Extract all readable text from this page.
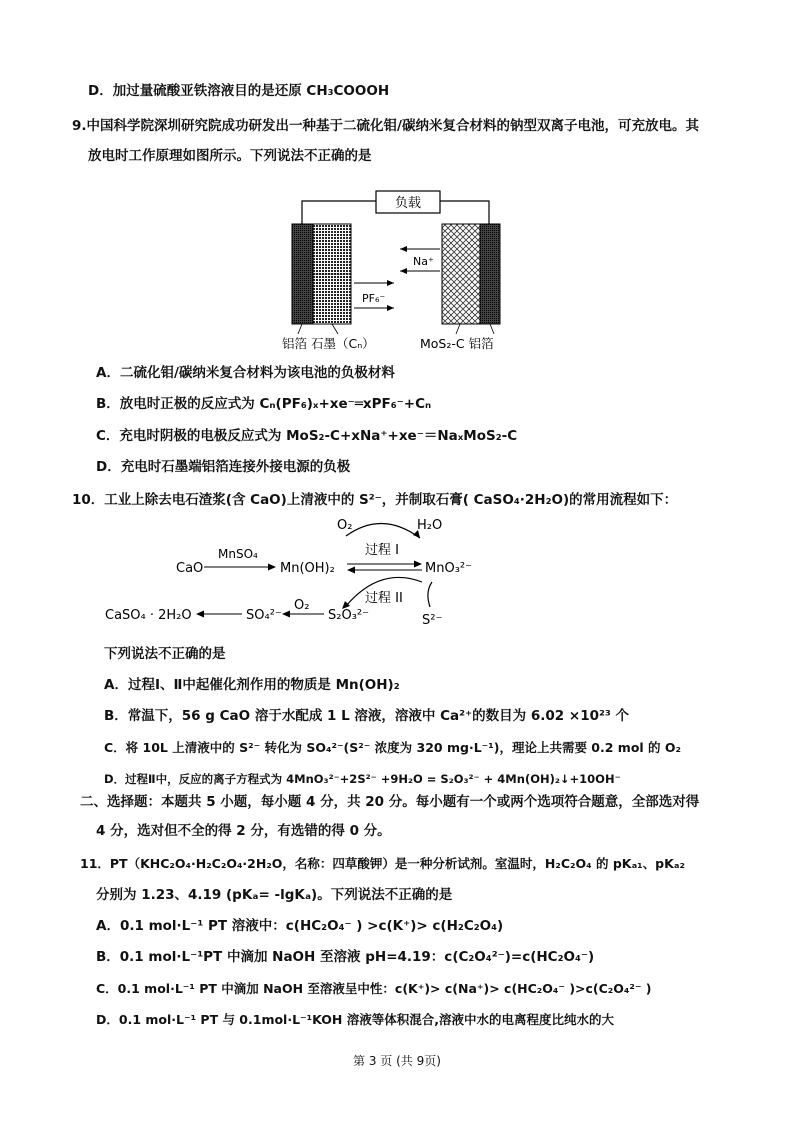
D．加过量硫酸亚铁溶液目的是还原 CH₃COOOH
9.中国科学院深圳研究院成功研发出一种基于二硫化钼/碳纳米复合材料的钠型双离子电池，可充放电。其
放电时工作原理如图所示。下列说法不正确的是
负载
Na⁺
PF₆⁻
铝箔 石墨（Cₙ）	MoS₂-C 铝箔
A．二硫化钼/碳纳米复合材料为该电池的负极材料
B．放电时正极的反应式为 Cₙ(PF₆)ₓ+xe⁻═xPF₆⁻+Cₙ
C．充电时阴极的电极反应式为 MoS₂-C+xNa⁺+xe⁻＝NaₓMoS₂-C
D．充电时石墨端铝箔连接外接电源的负极
10．工业上除去电石渣浆(含 CaO)上清液中的 S²⁻，并制取石膏( CaSO₄·2H₂O)的常用流程如下：
O₂	H₂O
过程 I
CaO
MnSO₄
Mn(OH)₂	MnO₃²⁻
过程 II
CaSO₄ · 2H₂O	SO₄²⁻
O₂
S₂O₃²⁻	S²⁻
下列说法不正确的是
A．过程Ⅰ、Ⅱ中起催化剂作用的物质是 Mn(OH)₂
B．常温下，56 g CaO 溶于水配成 1 L 溶液，溶液中 Ca²⁺的数目为 6.02 ×10²³ 个
C．将 10L 上清液中的 S²⁻ 转化为 SO₄²⁻(S²⁻ 浓度为 320 mg·L⁻¹)，理论上共需要 0.2 mol 的 O₂
D．过程Ⅱ中，反应的离子方程式为 4MnO₃²⁻+2S²⁻ +9H₂O = S₂O₃²⁻ + 4Mn(OH)₂↓+10OH⁻
二、选择题：本题共 5 小题，每小题 4 分，共 20 分。每小题有一个或两个选项符合题意，全部选对得
4 分，选对但不全的得 2 分，有选错的得 0 分。
11．PT（KHC₂O₄·H₂C₂O₄·2H₂O，名称：四草酸钾）是一种分析试剂。室温时，H₂C₂O₄ 的 pKₐ₁、pKₐ₂
分别为 1.23、4.19 (pKₐ= -lgKₐ)。下列说法不正确的是
A．0.1 mol·L⁻¹ PT 溶液中：c(HC₂O₄⁻ ) >c(K⁺)> c(H₂C₂O₄)
B．0.1 mol·L⁻¹PT 中滴加 NaOH 至溶液 pH=4.19：c(C₂O₄²⁻)=c(HC₂O₄⁻)
C．0.1 mol·L⁻¹ PT 中滴加 NaOH 至溶液呈中性：c(K⁺)> c(Na⁺)> c(HC₂O₄⁻ )>c(C₂O₄²⁻ )
D．0.1 mol·L⁻¹ PT 与 0.1mol·L⁻¹KOH 溶液等体积混合,溶液中水的电离程度比纯水的大
第 3 页 (共 9页)
